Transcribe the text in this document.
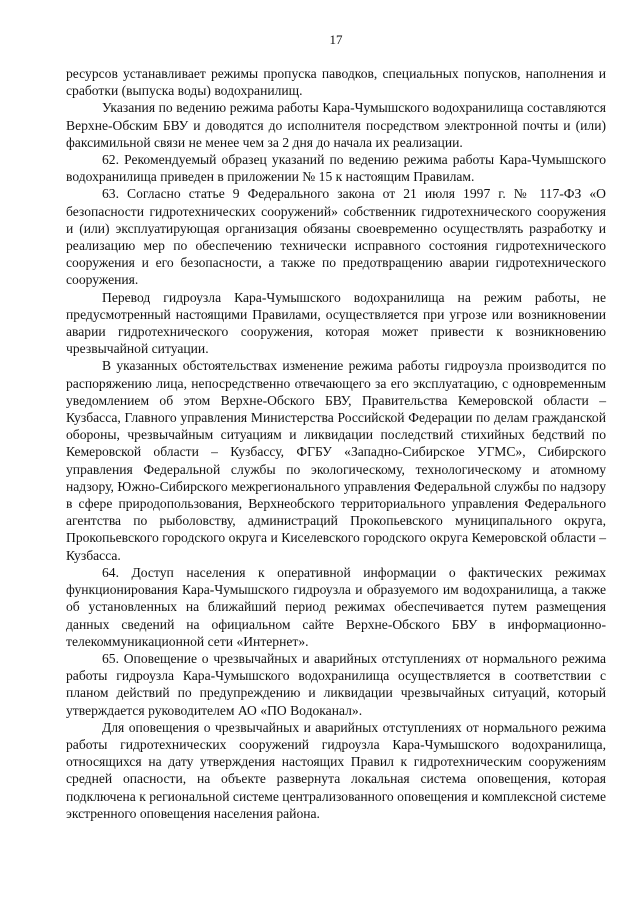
17

ресурсов устанавливает режимы пропуска паводков, специальных попусков, наполнения и сработки (выпуска воды) водохранилищ.

Указания по ведению режима работы Кара-Чумышского водохранилища составляются Верхне-Обским БВУ и доводятся до исполнителя посредством электронной почты и (или) факсимильной связи не менее чем за 2 дня до начала их реализации.

62. Рекомендуемый образец указаний по ведению режима работы Кара-Чумышского водохранилища приведен в приложении № 15 к настоящим Правилам.

63. Согласно статье 9 Федерального закона от 21 июля 1997 г. № 117-ФЗ «О безопасности гидротехнических сооружений» собственник гидротехнического сооружения и (или) эксплуатирующая организация обязаны своевременно осуществлять разработку и реализацию мер по обеспечению технически исправного состояния гидротехнического сооружения и его безопасности, а также по предотвращению аварии гидротехнического сооружения.

Перевод гидроузла Кара-Чумышского водохранилища на режим работы, не предусмотренный настоящими Правилами, осуществляется при угрозе или возникновении аварии гидротехнического сооружения, которая может привести к возникновению чрезвычайной ситуации.

В указанных обстоятельствах изменение режима работы гидроузла производится по распоряжению лица, непосредственно отвечающего за его эксплуатацию, с одновременным уведомлением об этом Верхне-Обского БВУ, Правительства Кемеровской области – Кузбасса, Главного управления Министерства Российской Федерации по делам гражданской обороны, чрезвычайным ситуациям и ликвидации последствий стихийных бедствий по Кемеровской области – Кузбассу, ФГБУ «Западно-Сибирское УГМС», Сибирского управления Федеральной службы по экологическому, технологическому и атомному надзору, Южно-Сибирского межрегионального управления Федеральной службы по надзору в сфере природопользования, Верхнеобского территориального управления Федерального агентства по рыболовству, администраций Прокопьевского муниципального округа, Прокопьевского городского округа и Киселевского городского округа Кемеровской области – Кузбасса.

64. Доступ населения к оперативной информации о фактических режимах функционирования Кара-Чумышского гидроузла и образуемого им водохранилища, а также об установленных на ближайший период режимах обеспечивается путем размещения данных сведений на официальном сайте Верхне-Обского БВУ в информационно-телекоммуникационной сети «Интернет».

65. Оповещение о чрезвычайных и аварийных отступлениях от нормального режима работы гидроузла Кара-Чумышского водохранилища осуществляется в соответствии с планом действий по предупреждению и ликвидации чрезвычайных ситуаций, который утверждается руководителем АО «ПО Водоканал».

Для оповещения о чрезвычайных и аварийных отступлениях от нормального режима работы гидротехнических сооружений гидроузла Кара-Чумышского водохранилища, относящихся на дату утверждения настоящих Правил к гидротехническим сооружениям средней опасности, на объекте развернута локальная система оповещения, которая подключена к региональной системе централизованного оповещения и комплексной системе экстренного оповещения населения района.
